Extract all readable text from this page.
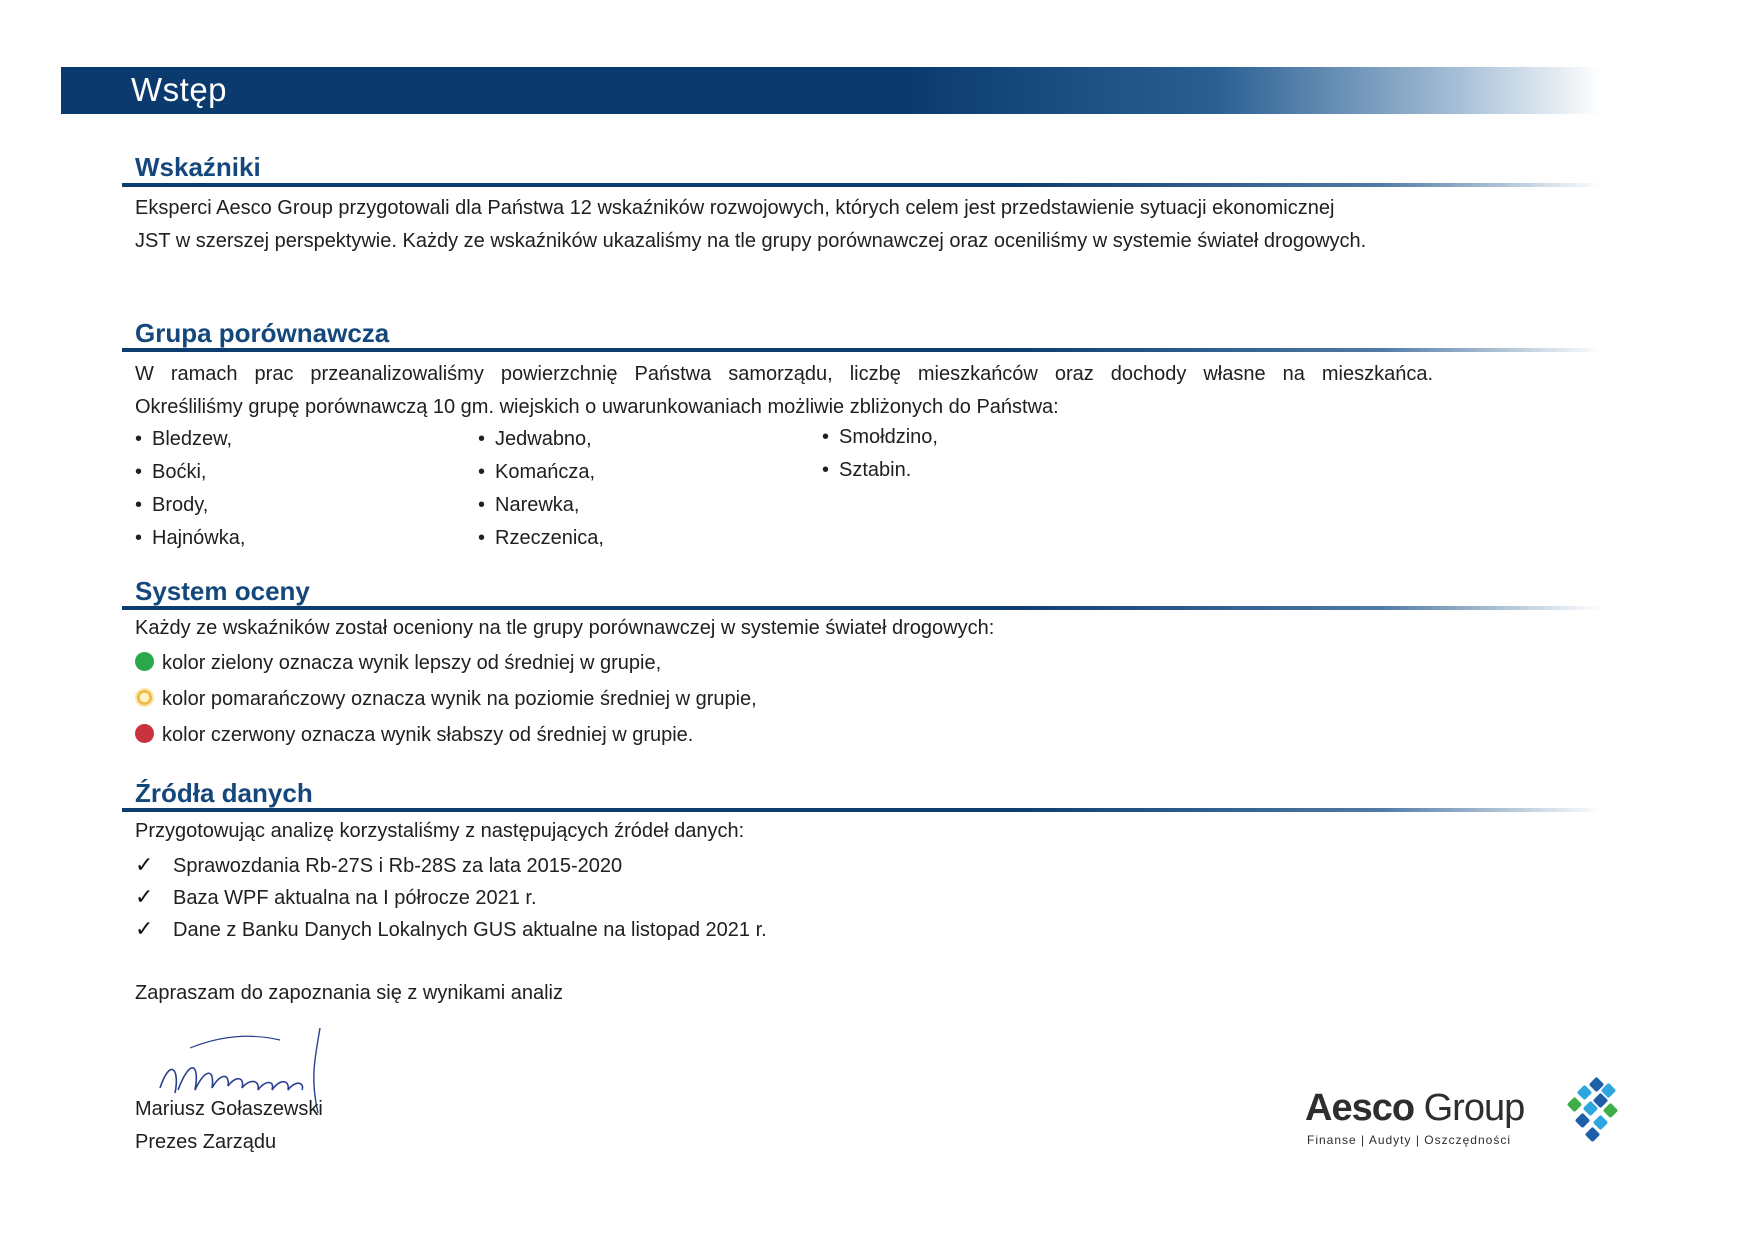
Wstęp
Wskaźniki
Eksperci Aesco Group przygotowali dla Państwa 12 wskaźników rozwojowych, których celem jest przedstawienie sytuacji ekonomicznej
JST w szerszej perspektywie. Każdy ze wskaźników ukazaliśmy na tle grupy porównawczej oraz oceniliśmy w systemie świateł drogowych.
Grupa porównawcza
W ramach prac przeanalizowaliśmy powierzchnię Państwa samorządu, liczbę mieszkańców oraz dochody własne na mieszkańca.
Określiliśmy grupę porównawczą 10 gm. wiejskich o uwarunkowaniach możliwie zbliżonych do Państwa:
• Bledzew,
• Boćki,
• Brody,
• Hajnówka,
• Jedwabno,
• Komańcza,
• Narewka,
• Rzeczenica,
• Smołdzino,
• Sztabin.
System oceny
Każdy ze wskaźników został oceniony na tle grupy porównawczej w systemie świateł drogowych:
kolor zielony oznacza wynik lepszy od średniej w grupie,
kolor pomarańczowy oznacza wynik na poziomie średniej w grupie,
kolor czerwony oznacza wynik słabszy od średniej w grupie.
Źródła danych
Przygotowując analizę korzystaliśmy z następujących źródeł danych:
✓ Sprawozdania Rb-27S i Rb-28S za lata 2015-2020
✓ Baza WPF aktualna na I półrocze 2021 r.
✓ Dane z Banku Danych Lokalnych GUS aktualne na listopad 2021 r.
Zapraszam do zapoznania się z wynikami analiz
Mariusz Gołaszewski
Prezes Zarządu
Aesco Group
Finanse | Audyty | Oszczędności
